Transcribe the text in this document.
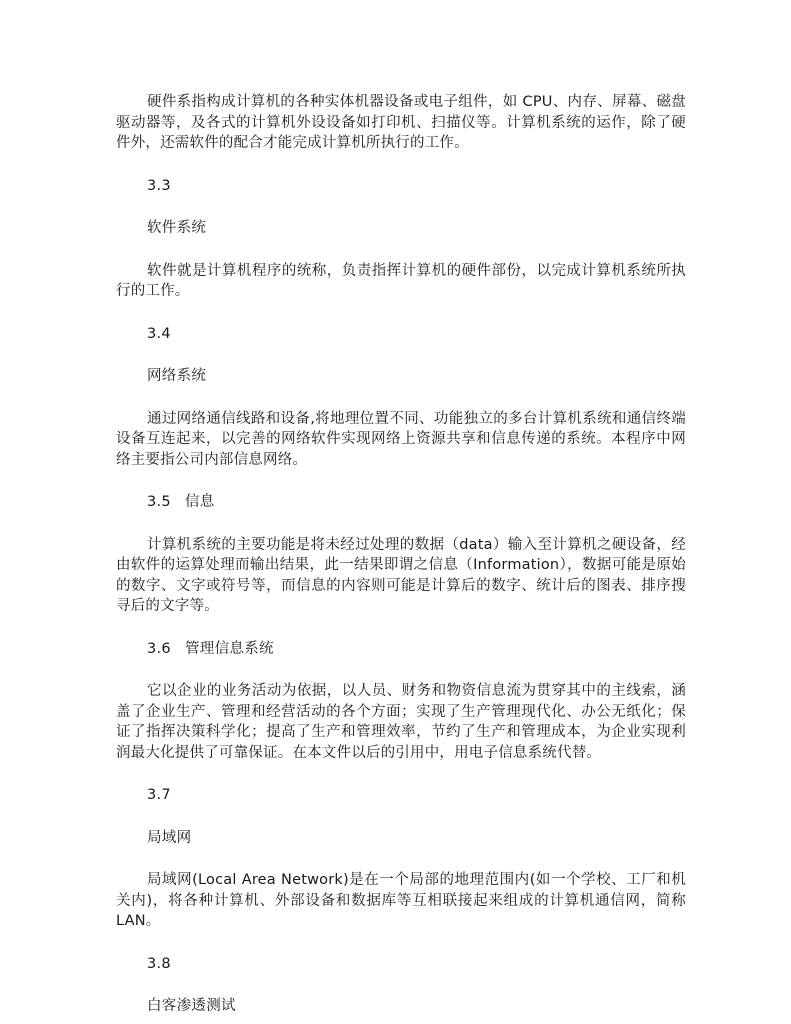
硬件系指构成计算机的各种实体机器设备或电子组件，如 CPU、内存、屏幕、磁盘驱动器等，及各式的计算机外设设备如打印机、扫描仪等。计算机系统的运作，除了硬件外，还需软件的配合才能完成计算机所执行的工作。

3.3

软件系统

软件就是计算机程序的统称，负责指挥计算机的硬件部份，以完成计算机系统所执行的工作。

3.4

网络系统

通过网络通信线路和设备,将地理位置不同、功能独立的多台计算机系统和通信终端设备互连起来，以完善的网络软件实现网络上资源共享和信息传递的系统。本程序中网络主要指公司内部信息网络。

3.5 信息

计算机系统的主要功能是将未经过处理的数据（data）输入至计算机之硬设备，经由软件的运算处理而输出结果，此一结果即谓之信息（Information），数据可能是原始的数字、文字或符号等，而信息的内容则可能是计算后的数字、统计后的图表、排序搜寻后的文字等。

3.6 管理信息系统

它以企业的业务活动为依据，以人员、财务和物资信息流为贯穿其中的主线索，涵盖了企业生产、管理和经营活动的各个方面；实现了生产管理现代化、办公无纸化；保证了指挥决策科学化；提高了生产和管理效率，节约了生产和管理成本，为企业实现利润最大化提供了可靠保证。在本文件以后的引用中，用电子信息系统代替。

3.7

局域网

局域网(Local Area Network)是在一个局部的地理范围内(如一个学校、工厂和机关内)，将各种计算机、外部设备和数据库等互相联接起来组成的计算机通信网，简称 LAN。

3.8

白客渗透测试
